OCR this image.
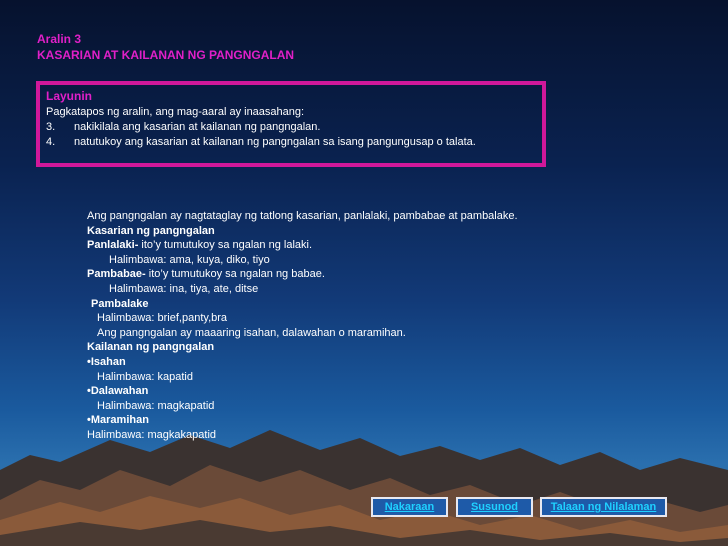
Aralin 3
KASARIAN AT KAILANAN NG PANGNGALAN
Layunin
Pagkatapos ng aralin, ang mag-aaral ay inaasahang:
3.	nakikilala ang kasarian at kailanan ng pangngalan.
4.	natutukoy ang kasarian at kailanan ng pangngalan sa isang pangungusap o talata.
Ang pangngalan ay nagtataglay ng tatlong kasarian, panlalaki, pambabae at pambalake.
Kasarian ng pangngalan
Panlalaki- ito’y tumutukoy sa ngalan ng lalaki.
Halimbawa: ama, kuya, diko, tiyo
Pambabae- ito’y tumutukoy sa ngalan ng babae.
Halimbawa: ina, tiya, ate, ditse
Pambalake
Halimbawa: brief,panty,bra
Ang pangngalan ay maaaring isahan, dalawahan o maramihan.
Kailanan ng pangngalan
•Isahan
Halimbawa: kapatid
•Dalawahan
Halimbawa: magkapatid
•Maramihan
Halimbawa: magkakapatid
Nakaraan	Susunod	Talaan ng Nilalaman
